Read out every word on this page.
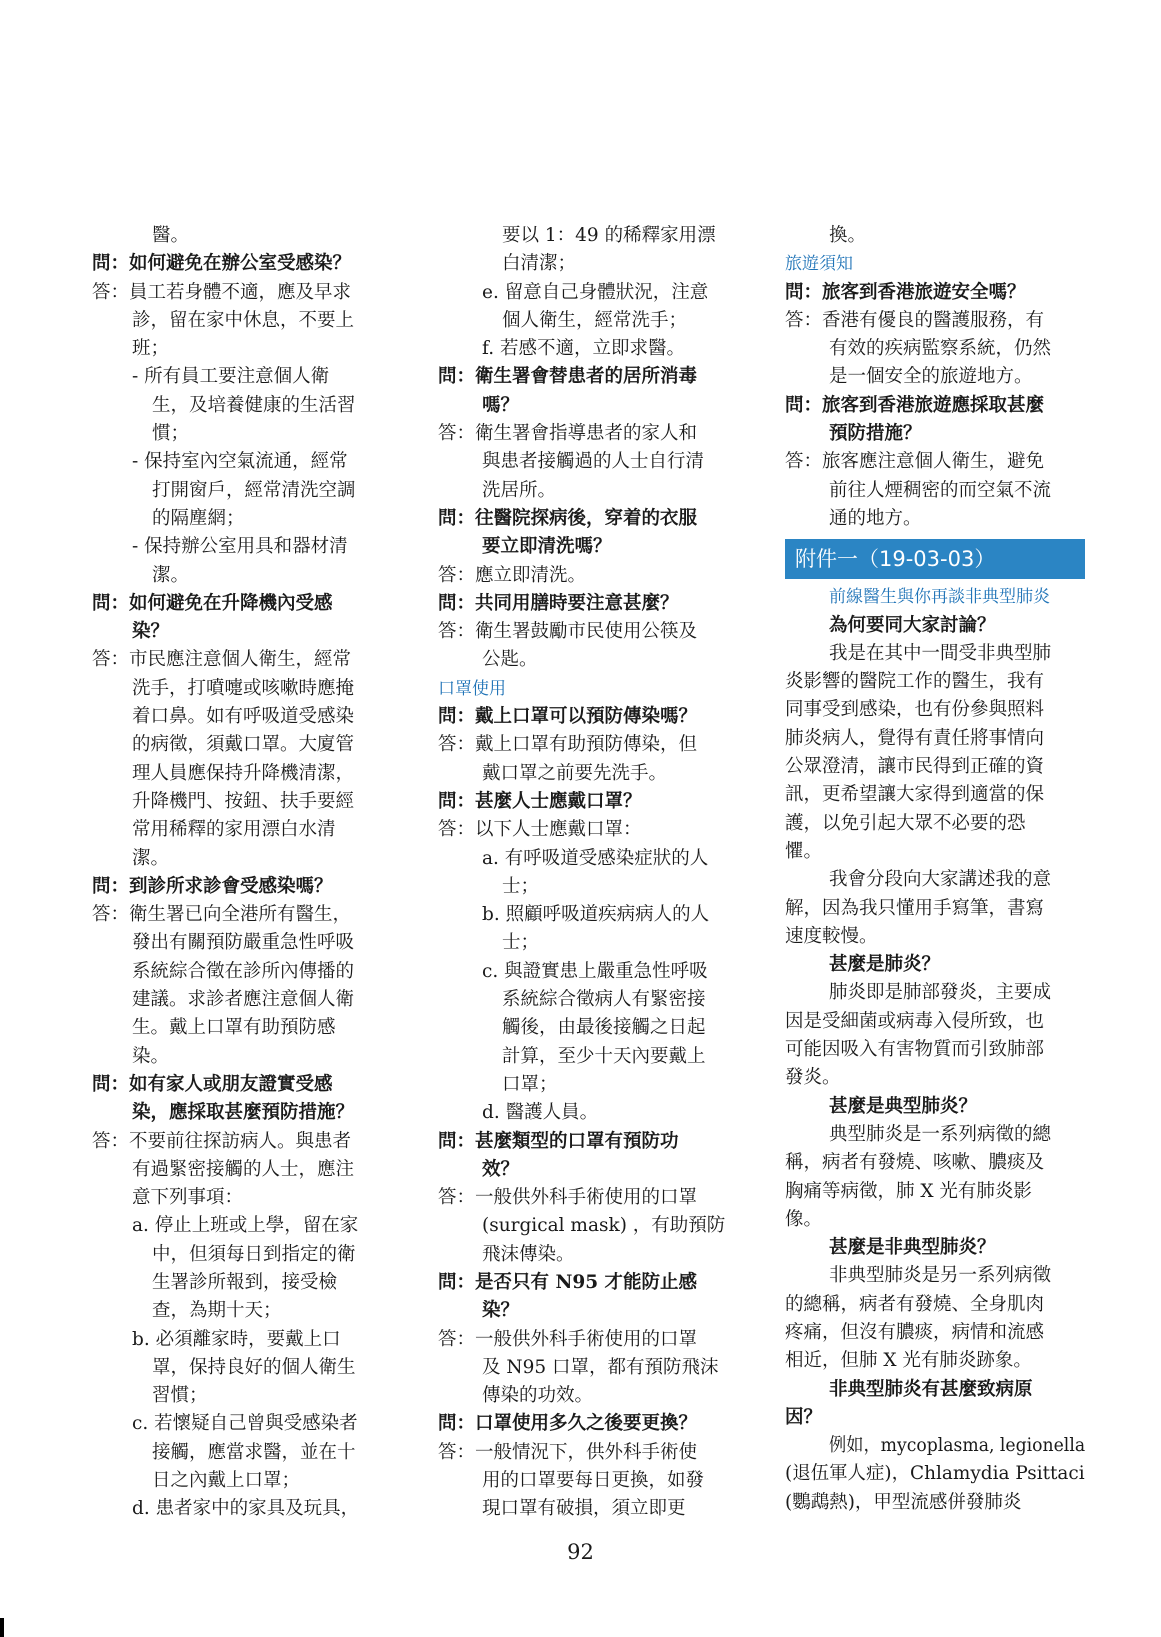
醫。
問：如何避免在辦公室受感染？
答：員工若身體不適，應及早求
診，留在家中休息，不要上
班；
- 所有員工要注意個人衛
生，及培養健康的生活習
慣；
- 保持室內空氣流通，經常
打開窗戶，經常清洗空調
的隔塵網；
- 保持辦公室用具和器材清
潔。
問：如何避免在升降機內受感
染？
答：市民應注意個人衛生，經常
洗手，打噴嚏或咳嗽時應掩
着口鼻。如有呼吸道受感染
的病徵，須戴口罩。大廈管
理人員應保持升降機清潔，
升降機門、按鈕、扶手要經
常用稀釋的家用漂白水清
潔。
問：到診所求診會受感染嗎？
答：衛生署已向全港所有醫生，
發出有關預防嚴重急性呼吸
系統綜合徵在診所內傳播的
建議。求診者應注意個人衛
生。戴上口罩有助預防感
染。
問：如有家人或朋友證實受感
染，應採取甚麼預防措施？
答：不要前往探訪病人。與患者
有過緊密接觸的人士，應注
意下列事項：
a. 停止上班或上學，留在家
中，但須每日到指定的衛
生署診所報到，接受檢
查，為期十天；
b. 必須離家時，要戴上口
罩，保持良好的個人衛生
習慣；
c. 若懷疑自己曾與受感染者
接觸，應當求醫，並在十
日之內戴上口罩；
d. 患者家中的家具及玩具，
要以 1：49 的稀釋家用漂
白清潔；
e. 留意自己身體狀況，注意
個人衛生，經常洗手；
f. 若感不適，立即求醫。
問：衛生署會替患者的居所消毒
嗎？
答：衛生署會指導患者的家人和
與患者接觸過的人士自行清
洗居所。
問：往醫院探病後，穿着的衣服
要立即清洗嗎？
答：應立即清洗。
問：共同用膳時要注意甚麼？
答：衛生署鼓勵市民使用公筷及
公匙。
口罩使用
問：戴上口罩可以預防傳染嗎？
答：戴上口罩有助預防傳染，但
戴口罩之前要先洗手。
問：甚麼人士應戴口罩？
答：以下人士應戴口罩：
a. 有呼吸道受感染症狀的人
士；
b. 照顧呼吸道疾病病人的人
士；
c. 與證實患上嚴重急性呼吸
系統綜合徵病人有緊密接
觸後，由最後接觸之日起
計算，至少十天內要戴上
口罩；
d. 醫護人員。
問：甚麼類型的口罩有預防功
效？
答：一般供外科手術使用的口罩
(surgical mask) ，有助預防
飛沫傳染。
問：是否只有 N95 才能防止感
染？
答：一般供外科手術使用的口罩
及 N95 口罩，都有預防飛沫
傳染的功效。
問：口罩使用多久之後要更換？
答：一般情況下，供外科手術使
用的口罩要每日更換，如發
現口罩有破損，須立即更
換。
旅遊須知
問：旅客到香港旅遊安全嗎？
答：香港有優良的醫護服務，有
有效的疾病監察系統，仍然
是一個安全的旅遊地方。
問：旅客到香港旅遊應採取甚麼
預防措施？
答：旅客應注意個人衛生，避免
前往人煙稠密的而空氣不流
通的地方。
附件一（19-03-03）
前線醫生與你再談非典型肺炎
為何要同大家討論？
我是在其中一間受非典型肺
炎影響的醫院工作的醫生，我有
同事受到感染，也有份參與照料
肺炎病人，覺得有責任將事情向
公眾澄清，讓市民得到正確的資
訊，更希望讓大家得到適當的保
護，以免引起大眾不必要的恐
懼。
我會分段向大家講述我的意
解，因為我只懂用手寫筆，書寫
速度較慢。
甚麼是肺炎？
肺炎即是肺部發炎，主要成
因是受細菌或病毒入侵所致，也
可能因吸入有害物質而引致肺部
發炎。
甚麼是典型肺炎？
典型肺炎是一系列病徵的總
稱，病者有發燒、咳嗽、膿痰及
胸痛等病徵，肺 X 光有肺炎影
像。
甚麼是非典型肺炎？
非典型肺炎是另一系列病徵
的總稱，病者有發燒、全身肌肉
疼痛，但沒有膿痰，病情和流感
相近，但肺 X 光有肺炎跡象。
非典型肺炎有甚麼致病原
因？
例如，mycoplasma, legionella
(退伍軍人症)，Chlamydia Psittaci
(鸚鵡熱)，甲型流感併發肺炎
92
